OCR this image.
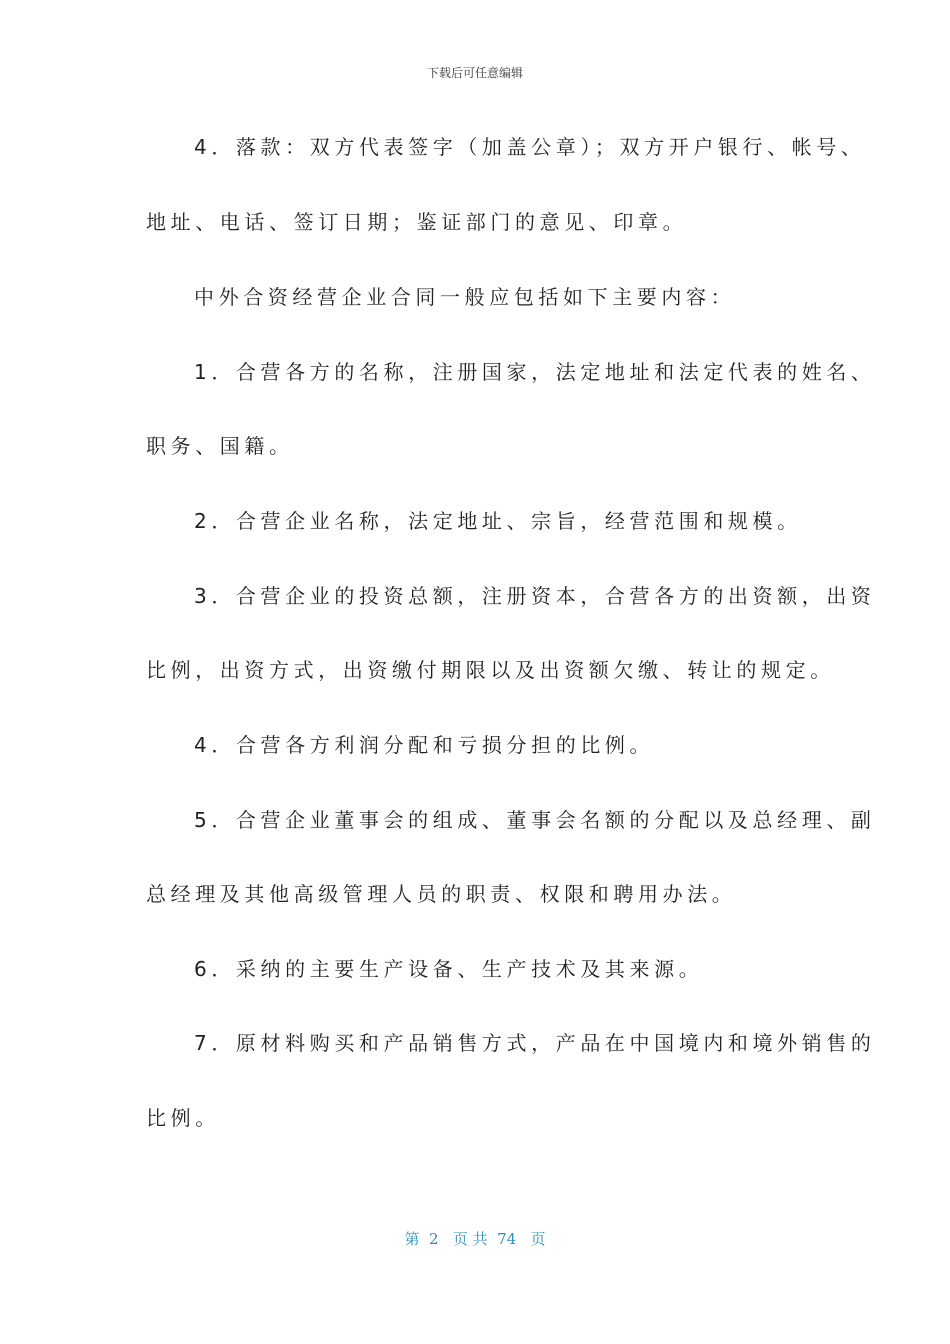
下载后可任意编辑
4．落款：双方代表签字（加盖公章）；双方开户银行、帐号、
地址、电话、签订日期；鉴证部门的意见、印章。
中外合资经营企业合同一般应包括如下主要内容：
1．合营各方的名称，注册国家，法定地址和法定代表的姓名、
职务、国籍。
2．合营企业名称，法定地址、宗旨，经营范围和规模。
3．合营企业的投资总额，注册资本，合营各方的出资额，出资
比例，出资方式，出资缴付期限以及出资额欠缴、转让的规定。
4．合营各方利润分配和亏损分担的比例。
5．合营企业董事会的组成、董事会名额的分配以及总经理、副
总经理及其他高级管理人员的职责、权限和聘用办法。
6．采纳的主要生产设备、生产技术及其来源。
7．原材料购买和产品销售方式，产品在中国境内和境外销售的
比例。
第  2   页 共  74   页
